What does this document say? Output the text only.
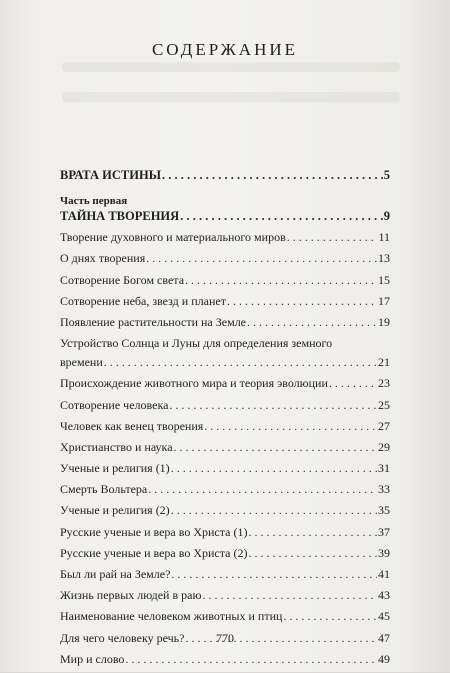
СОДЕРЖАНИЕ
ВРАТА ИСТИНЫ . . .	5
Часть первая
ТАЙНА ТВОРЕНИЯ . . .	9
Творение духовного и материального миров . . .	11
О днях творения . . .	13
Сотворение Богом света . . .	15
Сотворение неба, звезд и планет . . .	17
Появление растительности на Земле . . .	19
Устройство Солнца и Луны для определения земного
времени . . .	21
Происхождение животного мира и теория эволюции . . .	23
Сотворение человека . . .	25
Человек как венец творения . . .	27
Христианство и наука . . .	29
Ученые и религия (1) . . .	31
Смерть Вольтера . . .	33
Ученые и религия (2) . . .	35
Русские ученые и вера во Христа (1) . . .	37
Русские ученые и вера во Христа (2) . . .	39
Был ли рай на Земле? . . .	41
Жизнь первых людей в раю . . .	43
Наименование человеком животных и птиц . . .	45
Для чего человеку речь? . . .	47
Мир и слово . . .	49
770
